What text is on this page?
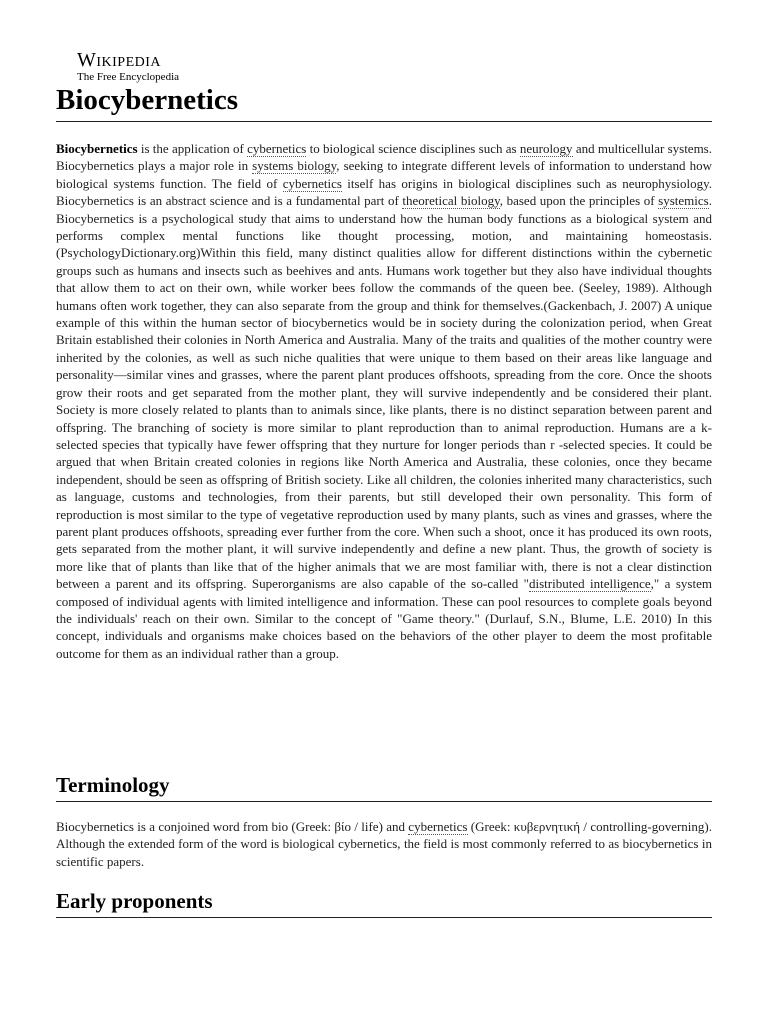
Wikipedia
The Free Encyclopedia
Biocybernetics

Biocybernetics is the application of cybernetics to biological science disciplines such as neurology and multicellular systems. Biocybernetics plays a major role in systems biology, seeking to integrate different levels of information to understand how biological systems function. The field of cybernetics itself has origins in biological disciplines such as neurophysiology. Biocybernetics is an abstract science and is a fundamental part of theoretical biology, based upon the principles of systemics. Biocybernetics is a psychological study that aims to understand how the human body functions as a biological system and performs complex mental functions like thought processing, motion, and maintaining homeostasis. (PsychologyDictionary.org)Within this field, many distinct qualities allow for different distinctions within the cybernetic groups such as humans and insects such as beehives and ants. Humans work together but they also have individual thoughts that allow them to act on their own, while worker bees follow the commands of the queen bee. (Seeley, 1989). Although humans often work together, they can also separate from the group and think for themselves.(Gackenbach, J. 2007) A unique example of this within the human sector of biocybernetics would be in society during the colonization period, when Great Britain established their colonies in North America and Australia. Many of the traits and qualities of the mother country were inherited by the colonies, as well as such niche qualities that were unique to them based on their areas like language and personality—similar vines and grasses, where the parent plant produces offshoots, spreading from the core. Once the shoots grow their roots and get separated from the mother plant, they will survive independently and be considered their plant. Society is more closely related to plants than to animals since, like plants, there is no distinct separation between parent and offspring. The branching of society is more similar to plant reproduction than to animal reproduction. Humans are a k- selected species that typically have fewer offspring that they nurture for longer periods than r -selected species. It could be argued that when Britain created colonies in regions like North America and Australia, these colonies, once they became independent, should be seen as offspring of British society. Like all children, the colonies inherited many characteristics, such as language, customs and technologies, from their parents, but still developed their own personality. This form of reproduction is most similar to the type of vegetative reproduction used by many plants, such as vines and grasses, where the parent plant produces offshoots, spreading ever further from the core. When such a shoot, once it has produced its own roots, gets separated from the mother plant, it will survive independently and define a new plant. Thus, the growth of society is more like that of plants than like that of the higher animals that we are most familiar with, there is not a clear distinction between a parent and its offspring. Superorganisms are also capable of the so-called "distributed intelligence," a system composed of individual agents with limited intelligence and information. These can pool resources to complete goals beyond the individuals' reach on their own. Similar to the concept of "Game theory." (Durlauf, S.N., Blume, L.E. 2010) In this concept, individuals and organisms make choices based on the behaviors of the other player to deem the most profitable outcome for them as an individual rather than a group.

Terminology

Biocybernetics is a conjoined word from bio (Greek: βίο / life) and cybernetics (Greek: κυβερνητική / controlling-governing). Although the extended form of the word is biological cybernetics, the field is most commonly referred to as biocybernetics in scientific papers.

Early proponents
